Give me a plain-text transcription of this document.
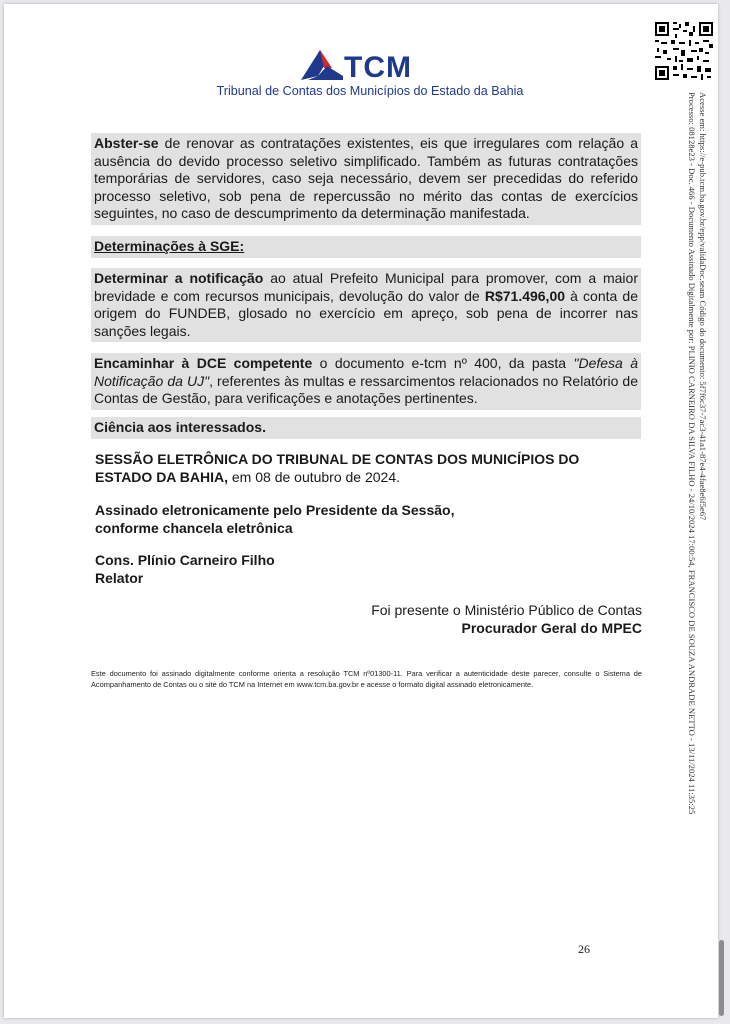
TCM
Tribunal de Contas dos Municípios do Estado da Bahia
Processo: 08128e23 - Doc. 466 - Documento Assinado Digitalmente por: PLINIO CARNEIRO DA SILVA FILHO - 24/10/2024 17:00:54, FRANCISCO DE SOUZA ANDRADE NETTO - 13/11/2024 11:35:25 Acesse em: https://e-pub.tcm.ba.gov.br/epp/validaDoc.seam Código do documento: 5f7f6c37-7ac3-41a1-87e4-4fae8e6f5e67

Abster-se de renovar as contratações existentes, eis que irregulares com relação a ausência do devido processo seletivo simplificado. Também as futuras contratações temporárias de servidores, caso seja necessário, devem ser precedidas do referido processo seletivo, sob pena de repercussão no mérito das contas de exercícios seguintes, no caso de descumprimento da determinação manifestada.

Determinações à SGE:

Determinar a notificação ao atual Prefeito Municipal para promover, com a maior brevidade e com recursos municipais, devolução do valor de R$71.496,00 à conta de origem do FUNDEB, glosado no exercício em apreço, sob pena de incorrer nas sanções legais.

Encaminhar à DCE competente o documento e-tcm nº 400, da pasta "Defesa à Notificação da UJ", referentes às multas e ressarcimentos relacionados no Relatório de Contas de Gestão, para verificações e anotações pertinentes.

Ciência aos interessados.

SESSÃO ELETRÔNICA DO TRIBUNAL DE CONTAS DOS MUNICÍPIOS DO ESTADO DA BAHIA, em 08 de outubro de 2024.
Assinado eletronicamente pelo Presidente da Sessão,
conforme chancela eletrônica
Cons. Plínio Carneiro Filho
Relator
Foi presente o Ministério Público de Contas
Procurador Geral do MPEC
Este documento foi assinado digitalmente conforme orienta a resolução TCM nº01300-11. Para verificar a autenticidade deste parecer, consulte o Sistema de Acompanhamento de Contas ou o site do TCM na Internet em www.tcm.ba.gov.br e acesse o formato digital assinado eletronicamente.
26
